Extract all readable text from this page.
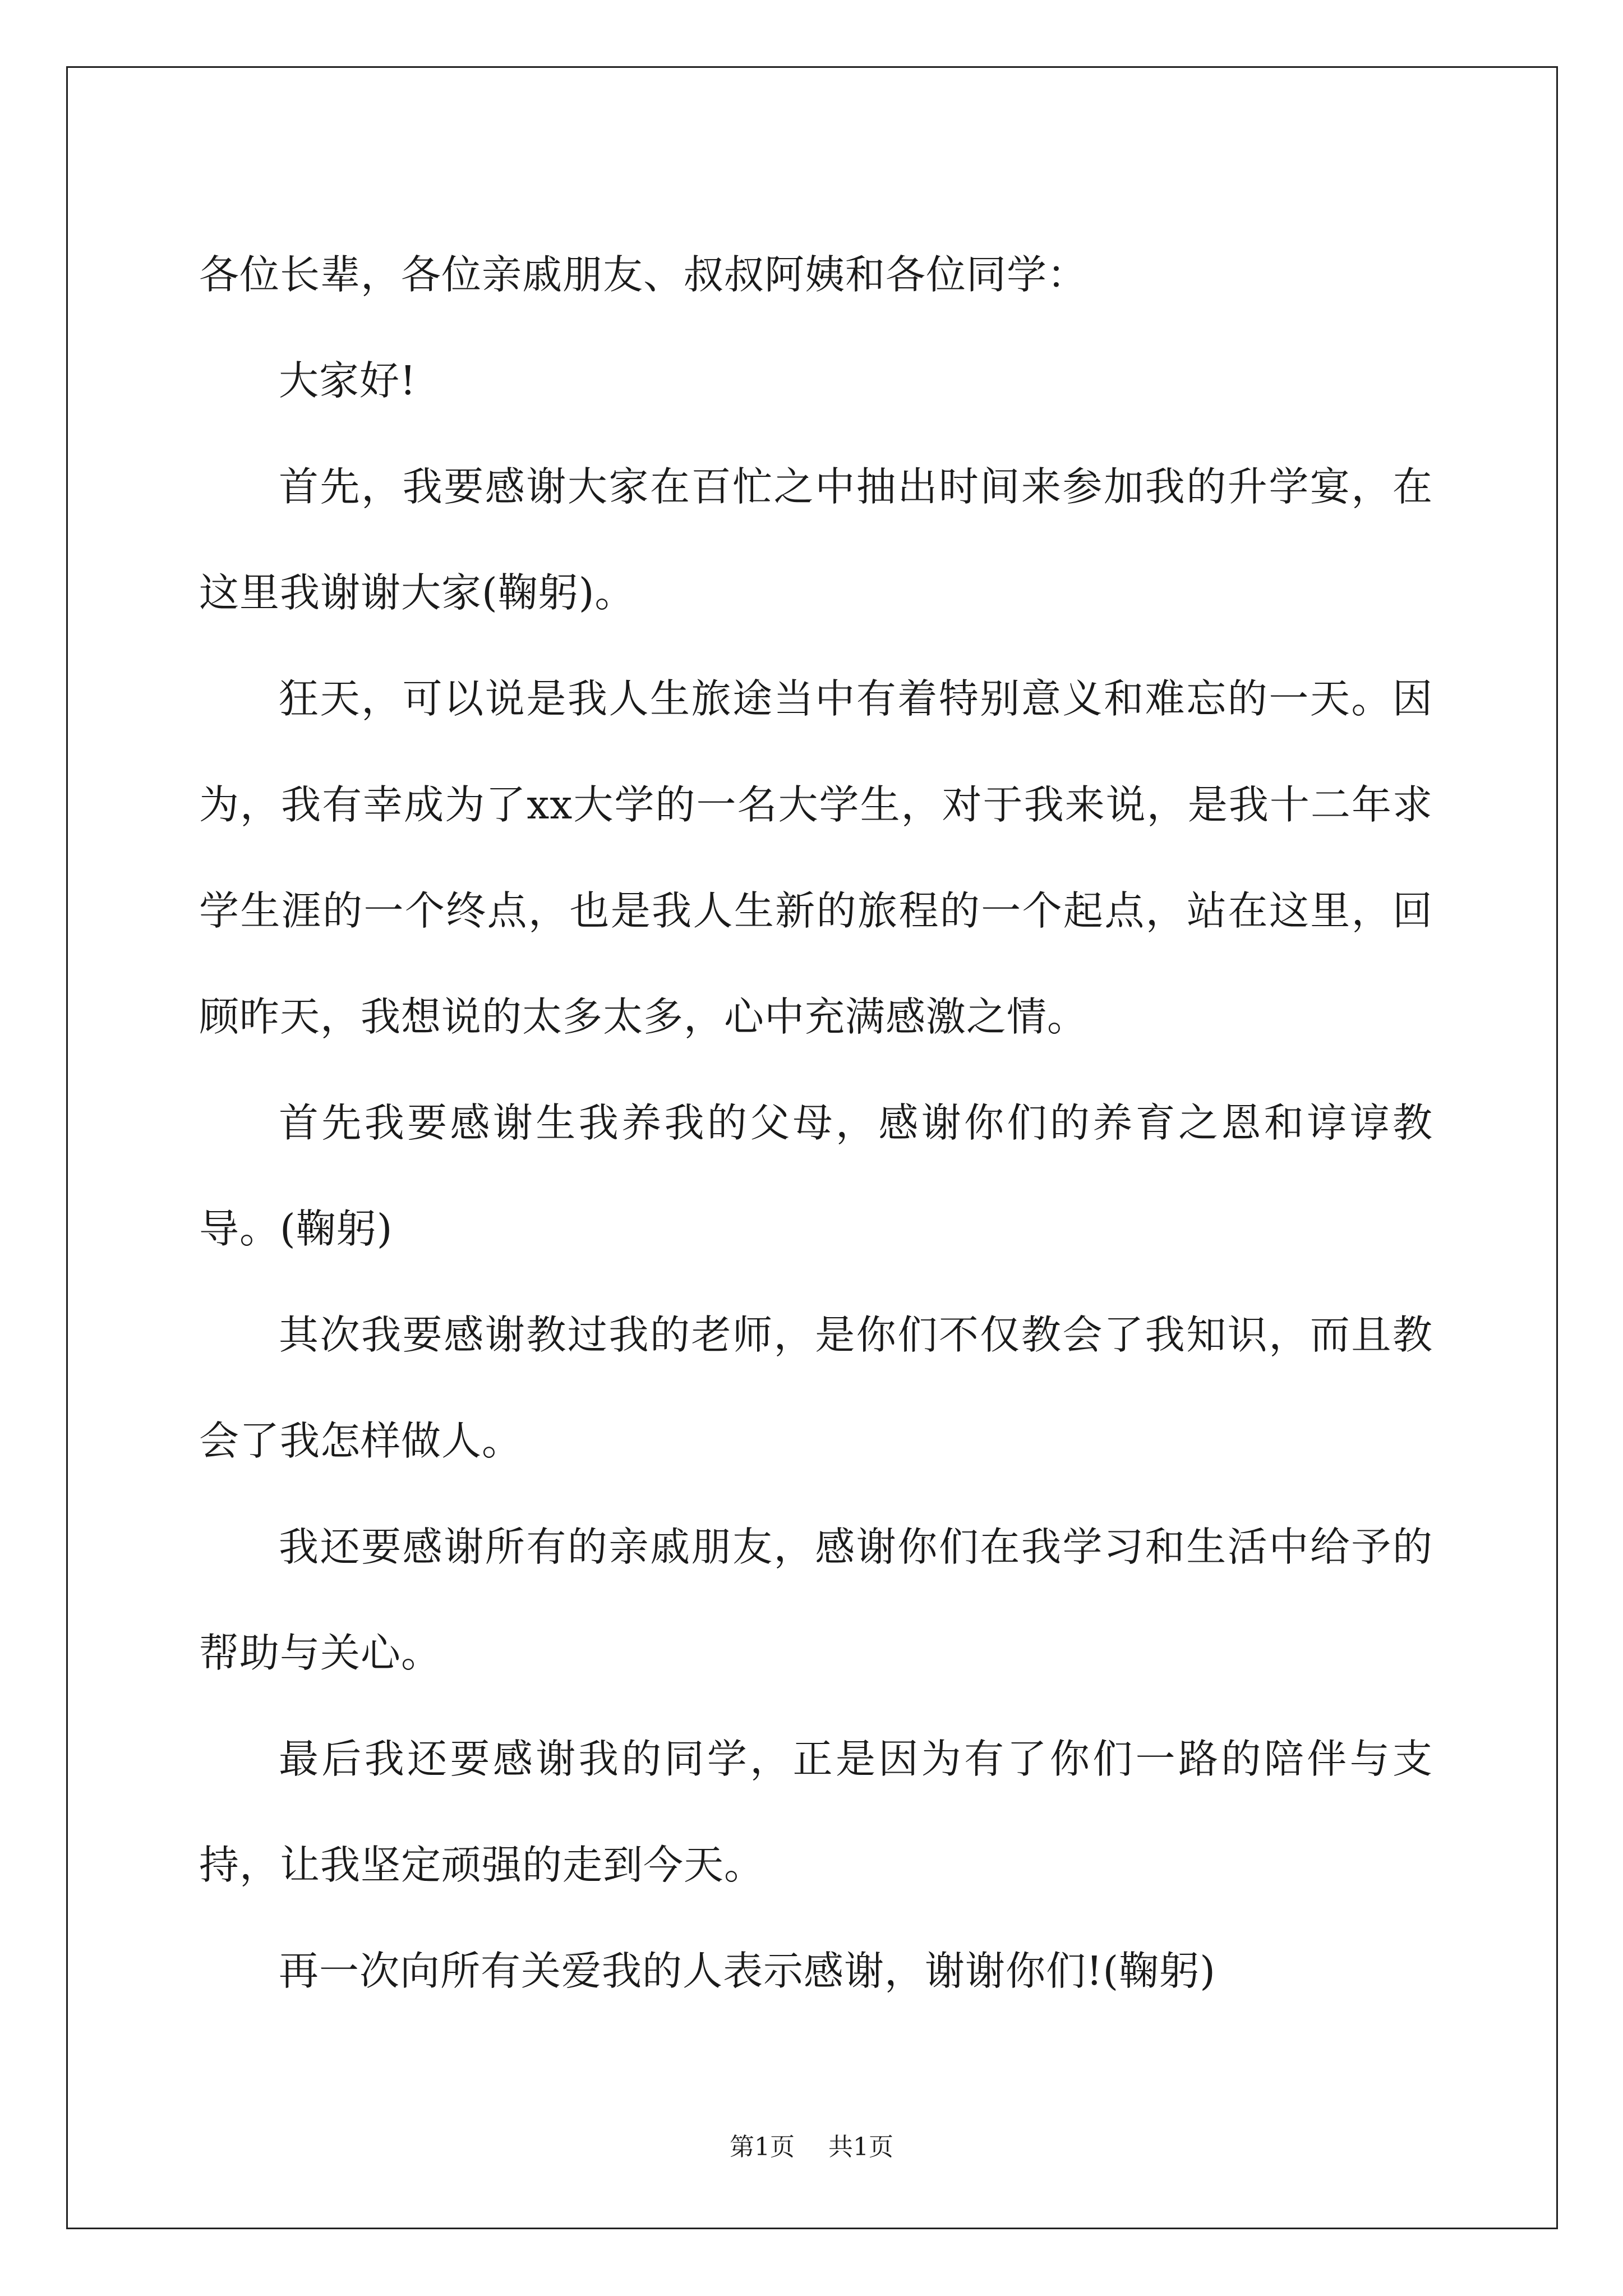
各位长辈，各位亲戚朋友、叔叔阿姨和各位同学：

大家好!

首先，我要感谢大家在百忙之中抽出时间来参加我的升学宴，在这里我谢谢大家(鞠躬)。

狂天，可以说是我人生旅途当中有着特别意义和难忘的一天。因为，我有幸成为了xx大学的一名大学生，对于我来说，是我十二年求学生涯的一个终点，也是我人生新的旅程的一个起点，站在这里，回顾昨天，我想说的太多太多，心中充满感激之情。

首先我要感谢生我养我的父母，感谢你们的养育之恩和谆谆教导。(鞠躬)

其次我要感谢教过我的老师，是你们不仅教会了我知识，而且教会了我怎样做人。

我还要感谢所有的亲戚朋友，感谢你们在我学习和生活中给予的帮助与关心。

最后我还要感谢我的同学，正是因为有了你们一路的陪伴与支持，让我坚定顽强的走到今天。

再一次向所有关爱我的人表示感谢，谢谢你们!(鞠躬)

第1页 共1页
